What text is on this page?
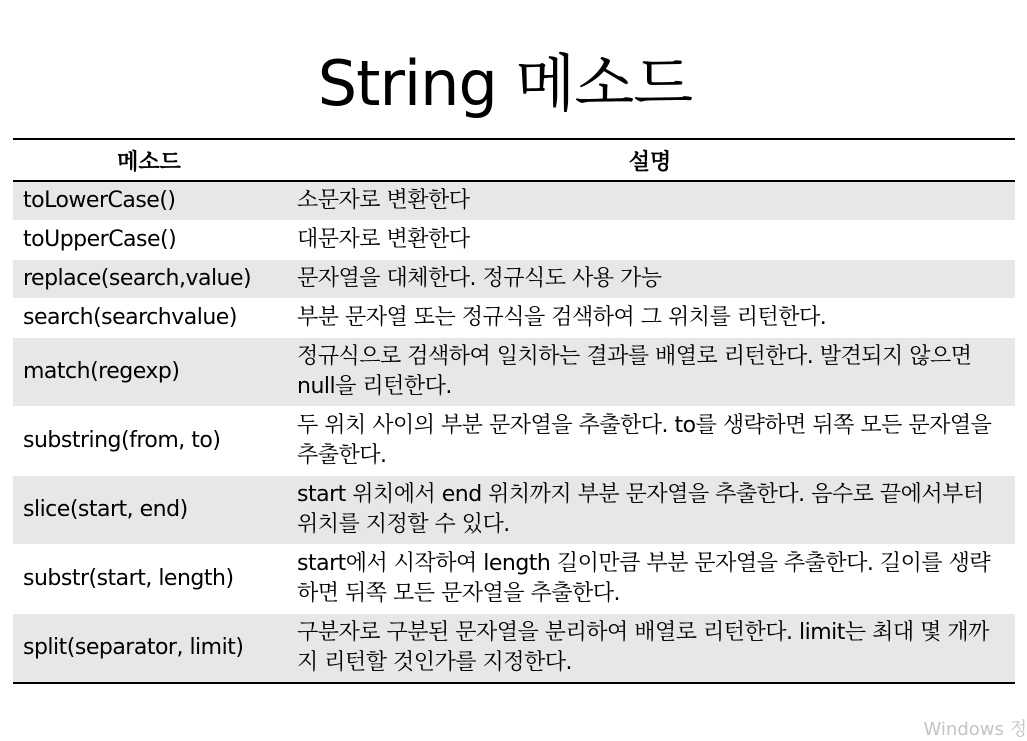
String 메소드
메소드	설명
toLowerCase()	소문자로 변환한다
toUpperCase()	대문자로 변환한다
replace(search,value)	문자열을 대체한다. 정규식도 사용 가능
search(searchvalue)	부분 문자열 또는 정규식을 검색하여 그 위치를 리턴한다.
match(regexp)	정규식으로 검색하여 일치하는 결과를 배열로 리턴한다. 발견되지 않으면 null을 리턴한다.
substring(from, to)	두 위치 사이의 부분 문자열을 추출한다. to를 생략하면 뒤쪽 모든 문자열을 추출한다.
slice(start, end)	start 위치에서 end 위치까지 부분 문자열을 추출한다. 음수로 끝에서부터 위치를 지정할 수 있다.
substr(start, length)	start에서 시작하여 length 길이만큼 부분 문자열을 추출한다. 길이를 생략하면 뒤쪽 모든 문자열을 추출한다.
split(separator, limit)	구분자로 구분된 문자열을 분리하여 배열로 리턴한다. limit는 최대 몇 개까지 리턴할 것인가를 지정한다.
Windows 정
